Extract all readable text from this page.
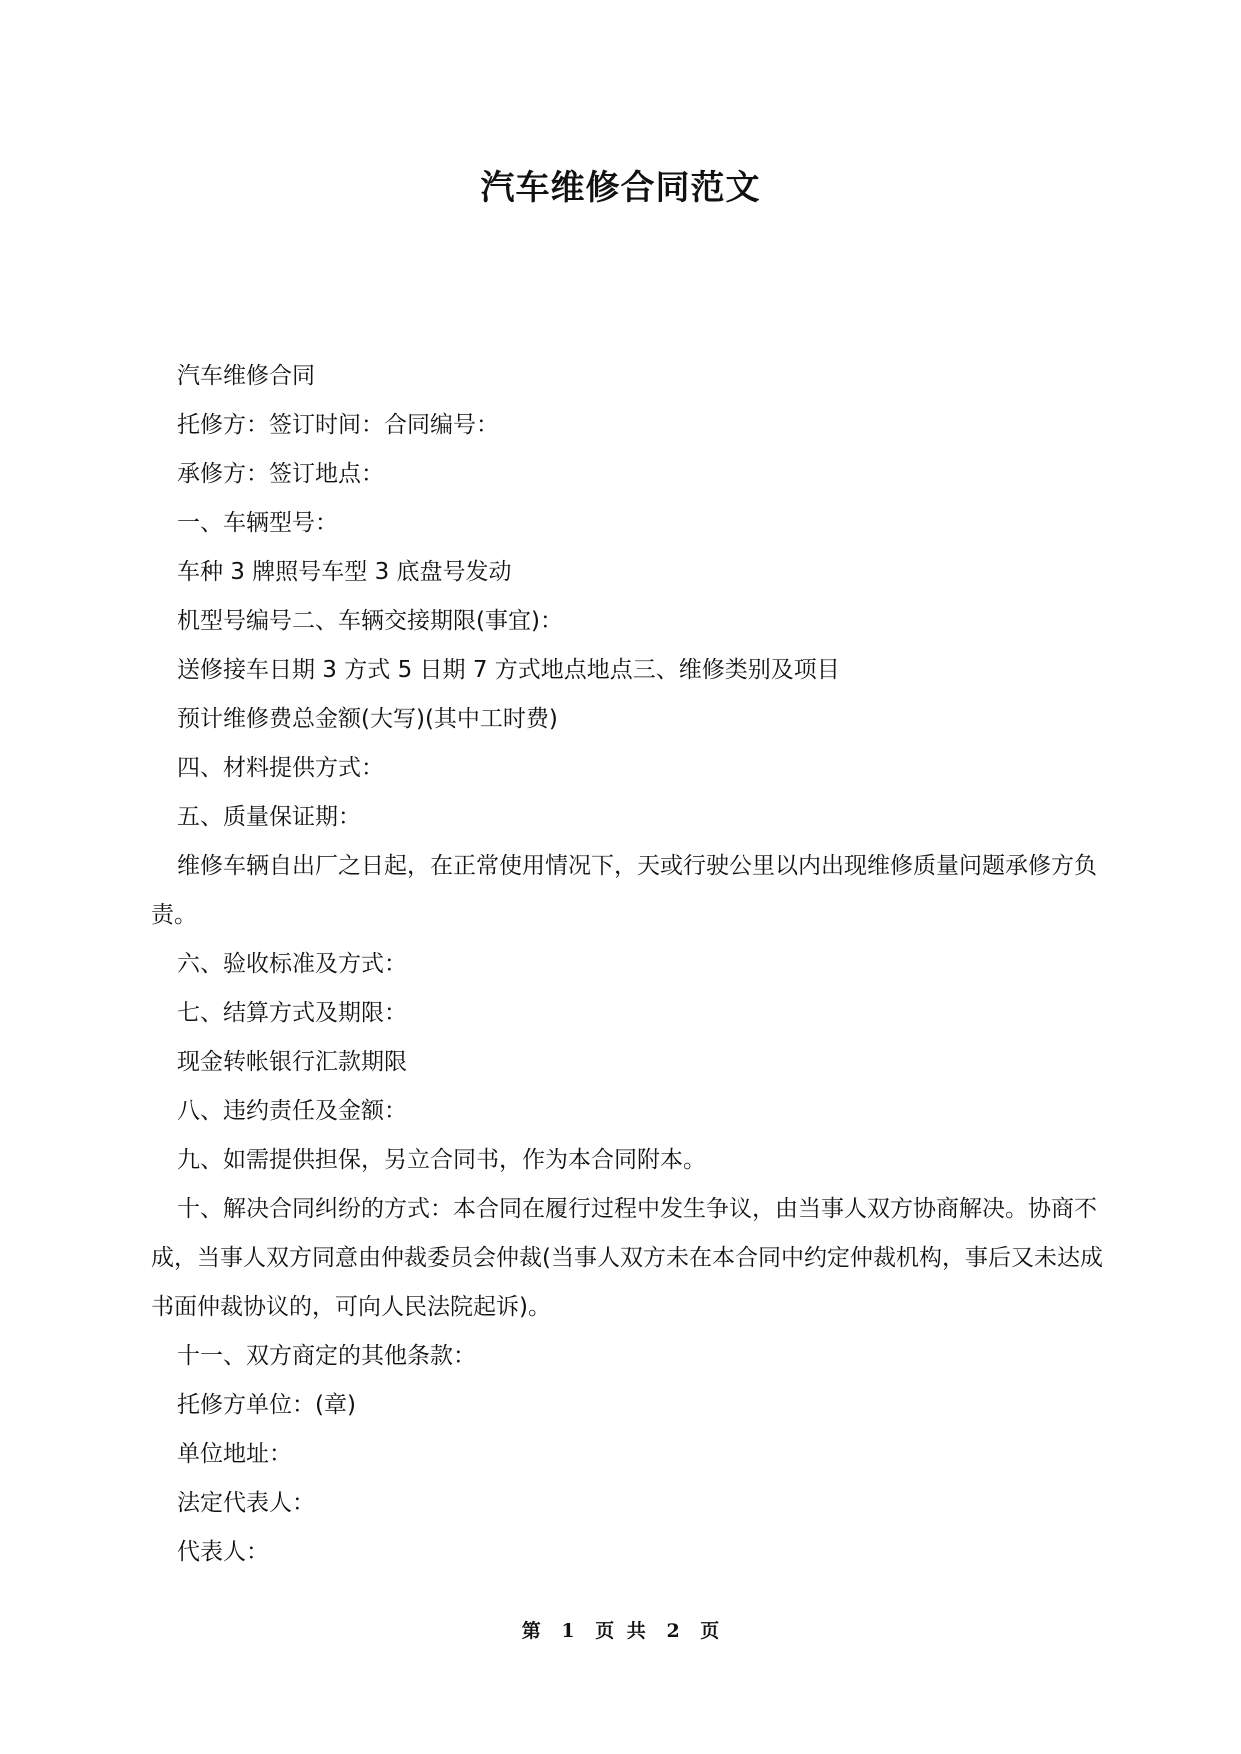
汽车维修合同范文

汽车维修合同

托修方：签订时间：合同编号：

承修方：签订地点：

一、车辆型号：

车种 3 牌照号车型 3 底盘号发动

机型号编号二、车辆交接期限(事宜)：

送修接车日期 3 方式 5 日期 7 方式地点地点三、维修类别及项目

预计维修费总金额(大写)(其中工时费)

四、材料提供方式：

五、质量保证期：

维修车辆自出厂之日起，在正常使用情况下，天或行驶公里以内出现维修质量问题承修方负责。

六、验收标准及方式：

七、结算方式及期限：

现金转帐银行汇款期限

八、违约责任及金额：

九、如需提供担保，另立合同书，作为本合同附本。

十、解决合同纠纷的方式：本合同在履行过程中发生争议，由当事人双方协商解决。协商不成，当事人双方同意由仲裁委员会仲裁(当事人双方未在本合同中约定仲裁机构，事后又未达成书面仲裁协议的，可向人民法院起诉)。

十一、双方商定的其他条款：

托修方单位：(章)

单位地址：

法定代表人：

代表人：

第 1 页 共 2 页
